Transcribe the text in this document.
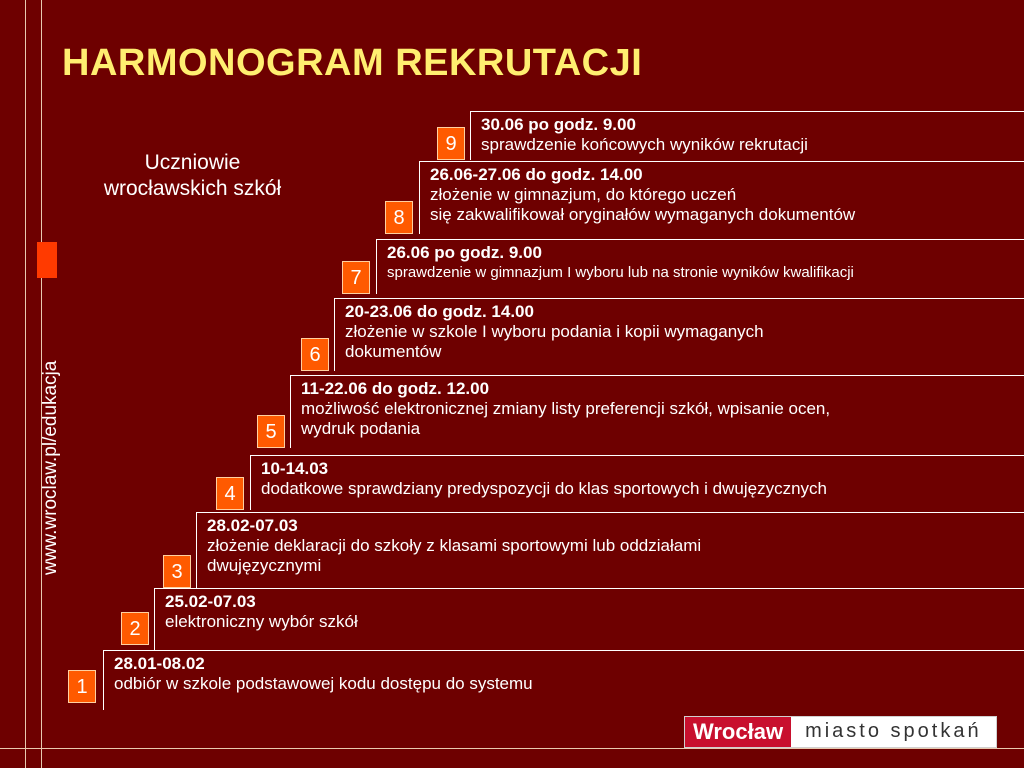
www.wroclaw.pl/edukacja
HARMONOGRAM REKRUTACJI
Uczniowie
wrocławskich szkół
1
28.01-08.02
odbiór w szkole podstawowej kodu dostępu do systemu
2
25.02-07.03
elektroniczny wybór szkół
3
28.02-07.03
złożenie deklaracji do szkoły z klasami sportowymi lub oddziałami
dwujęzycznymi
4
10-14.03
dodatkowe sprawdziany predyspozycji do klas sportowych i dwujęzycznych
5
11-22.06 do godz. 12.00
możliwość elektronicznej zmiany listy preferencji szkół, wpisanie ocen,
wydruk podania
6
20-23.06 do godz. 14.00
złożenie w szkole I wyboru podania i kopii wymaganych
dokumentów
7
26.06 po godz. 9.00
sprawdzenie w gimnazjum I wyboru lub na stronie wyników kwalifikacji
8
26.06-27.06 do godz. 14.00
złożenie w gimnazjum, do którego uczeń
się zakwalifikował oryginałów wymaganych dokumentów
9
30.06 po godz. 9.00
sprawdzenie końcowych wyników rekrutacji
Wrocław	miasto spotkań
